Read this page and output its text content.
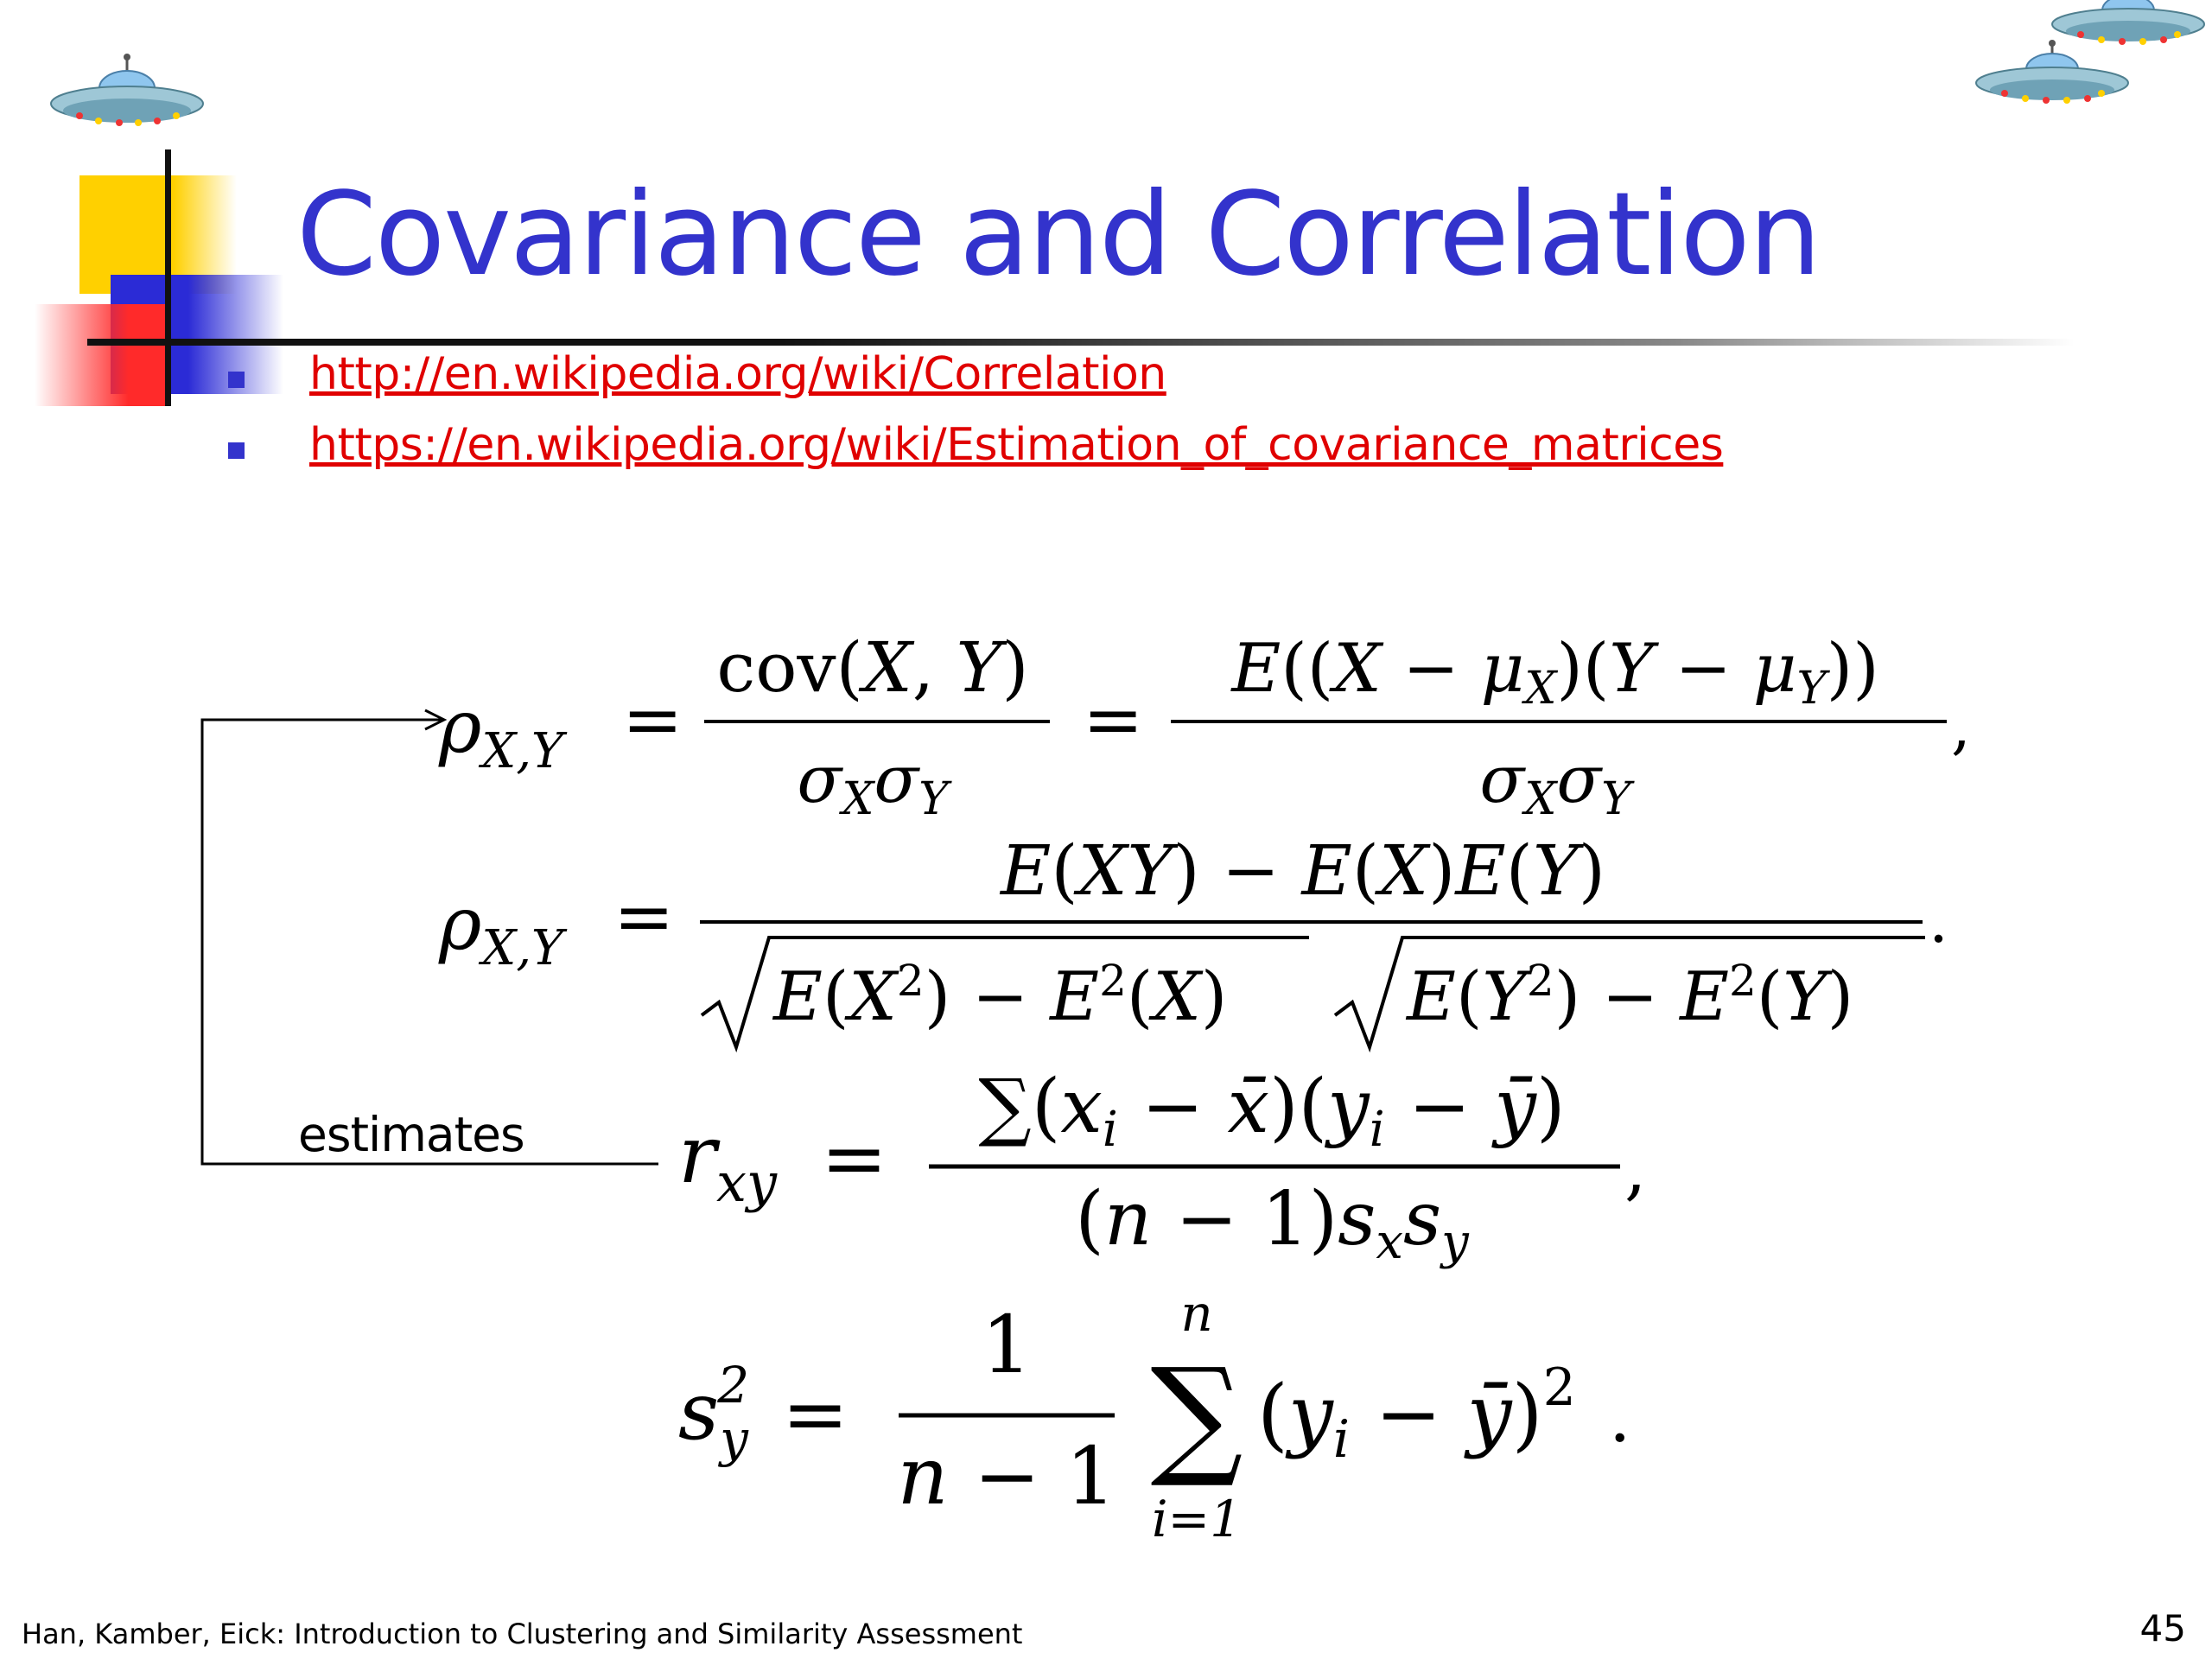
Covariance and Correlation
http://en.wikipedia.org/wiki/Correlation
https://en.wikipedia.org/wiki/Estimation_of_covariance_matrices
$\rho_{X,Y}$ =
cov(X, Y)
σXσY
=
E((X − μX)(Y − μY))
σXσY
,
$\rho_{X,Y}$ =
E(XY) − E(X)E(Y)
$E(X^2) - E^2(X)$	$E(Y^2) - E^2(Y)$
.
$r_{xy}$ =
∑(xi − x̄)(yi − ȳ)
(n − 1)sxsy
,
s2 y =
1
n − 1
n
∑
i=1
(yi − ȳ)$^2$ .

estimates

Han, Kamber, Eick: Introduction to Clustering and Similarity Assessment	45
